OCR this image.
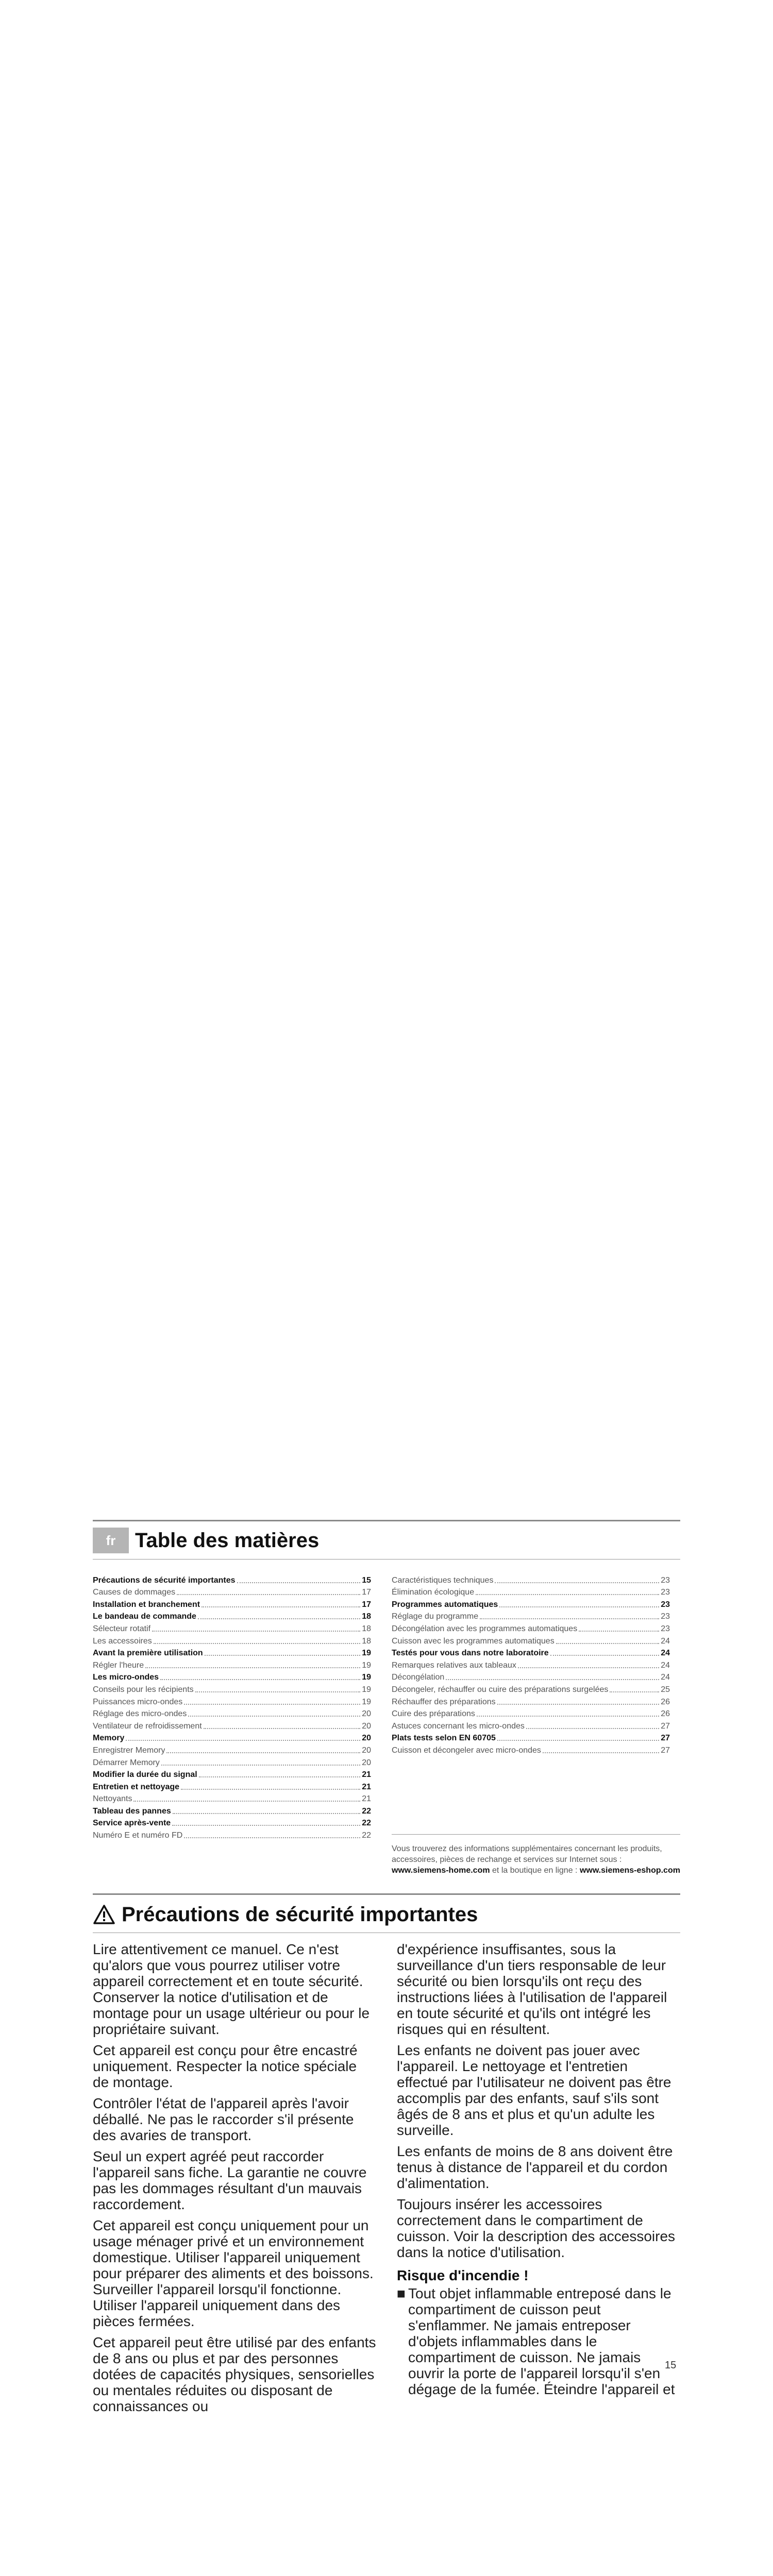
fr Table des matières
Précautions de sécurité importantes	15
Causes de dommages	17
Installation et branchement	17
Le bandeau de commande	18
Sélecteur rotatif	18
Les accessoires	18
Avant la première utilisation	19
Régler l'heure	19
Les micro-ondes	19
Conseils pour les récipients	19
Puissances micro-ondes	19
Réglage des micro-ondes	20
Ventilateur de refroidissement	20
Memory	20
Enregistrer Memory	20
Démarrer Memory	20
Modifier la durée du signal	21
Entretien et nettoyage	21
Nettoyants	21
Tableau des pannes	22
Service après-vente	22
Numéro E et numéro FD	22
Caractéristiques techniques	23
Élimination écologique	23
Programmes automatiques	23
Réglage du programme	23
Décongélation avec les programmes automatiques	23
Cuisson avec les programmes automatiques	24
Testés pour vous dans notre laboratoire	24
Remarques relatives aux tableaux	24
Décongélation	24
Décongeler, réchauffer ou cuire des préparations surgelées	25
Réchauffer des préparations	26
Cuire des préparations	26
Astuces concernant les micro-ondes	27
Plats tests selon EN 60705	27
Cuisson et décongeler avec micro-ondes	27
Vous trouverez des informations supplémentaires concernant les produits, accessoires, pièces de rechange et services sur Internet sous : www.siemens-home.com et la boutique en ligne : www.siemens-eshop.com
Précautions de sécurité importantes

Lire attentivement ce manuel. Ce n'est qu'alors que vous pourrez utiliser votre appareil correctement et en toute sécurité. Conserver la notice d'utilisation et de montage pour un usage ultérieur ou pour le propriétaire suivant.

Cet appareil est conçu pour être encastré uniquement. Respecter la notice spéciale de montage.

Contrôler l'état de l'appareil après l'avoir déballé. Ne pas le raccorder s'il présente des avaries de transport.

Seul un expert agréé peut raccorder l'appareil sans fiche. La garantie ne couvre pas les dommages résultant d'un mauvais raccordement.

Cet appareil est conçu uniquement pour un usage ménager privé et un environnement domestique. Utiliser l'appareil uniquement pour préparer des aliments et des boissons. Surveiller l'appareil lorsqu'il fonctionne. Utiliser l'appareil uniquement dans des pièces fermées.

Cet appareil peut être utilisé par des enfants de 8 ans ou plus et par des personnes dotées de capacités physiques, sensorielles ou mentales réduites ou disposant de connaissances ou

d'expérience insuffisantes, sous la surveillance d'un tiers responsable de leur sécurité ou bien lorsqu'ils ont reçu des instructions liées à l'utilisation de l'appareil en toute sécurité et qu'ils ont intégré les risques qui en résultent.

Les enfants ne doivent pas jouer avec l'appareil. Le nettoyage et l'entretien effectué par l'utilisateur ne doivent pas être accomplis par des enfants, sauf s'ils sont âgés de 8 ans et plus et qu'un adulte les surveille.

Les enfants de moins de 8 ans doivent être tenus à distance de l'appareil et du cordon d'alimentation.

Toujours insérer les accessoires correctement dans le compartiment de cuisson. Voir la description des accessoires dans la notice d'utilisation.

Risque d'incendie !
■ Tout objet inflammable entreposé dans le compartiment de cuisson peut s'enflammer. Ne jamais entreposer d'objets inflammables dans le compartiment de cuisson. Ne jamais ouvrir la porte de l'appareil lorsqu'il s'en dégage de la fumée. Éteindre l'appareil et
15
